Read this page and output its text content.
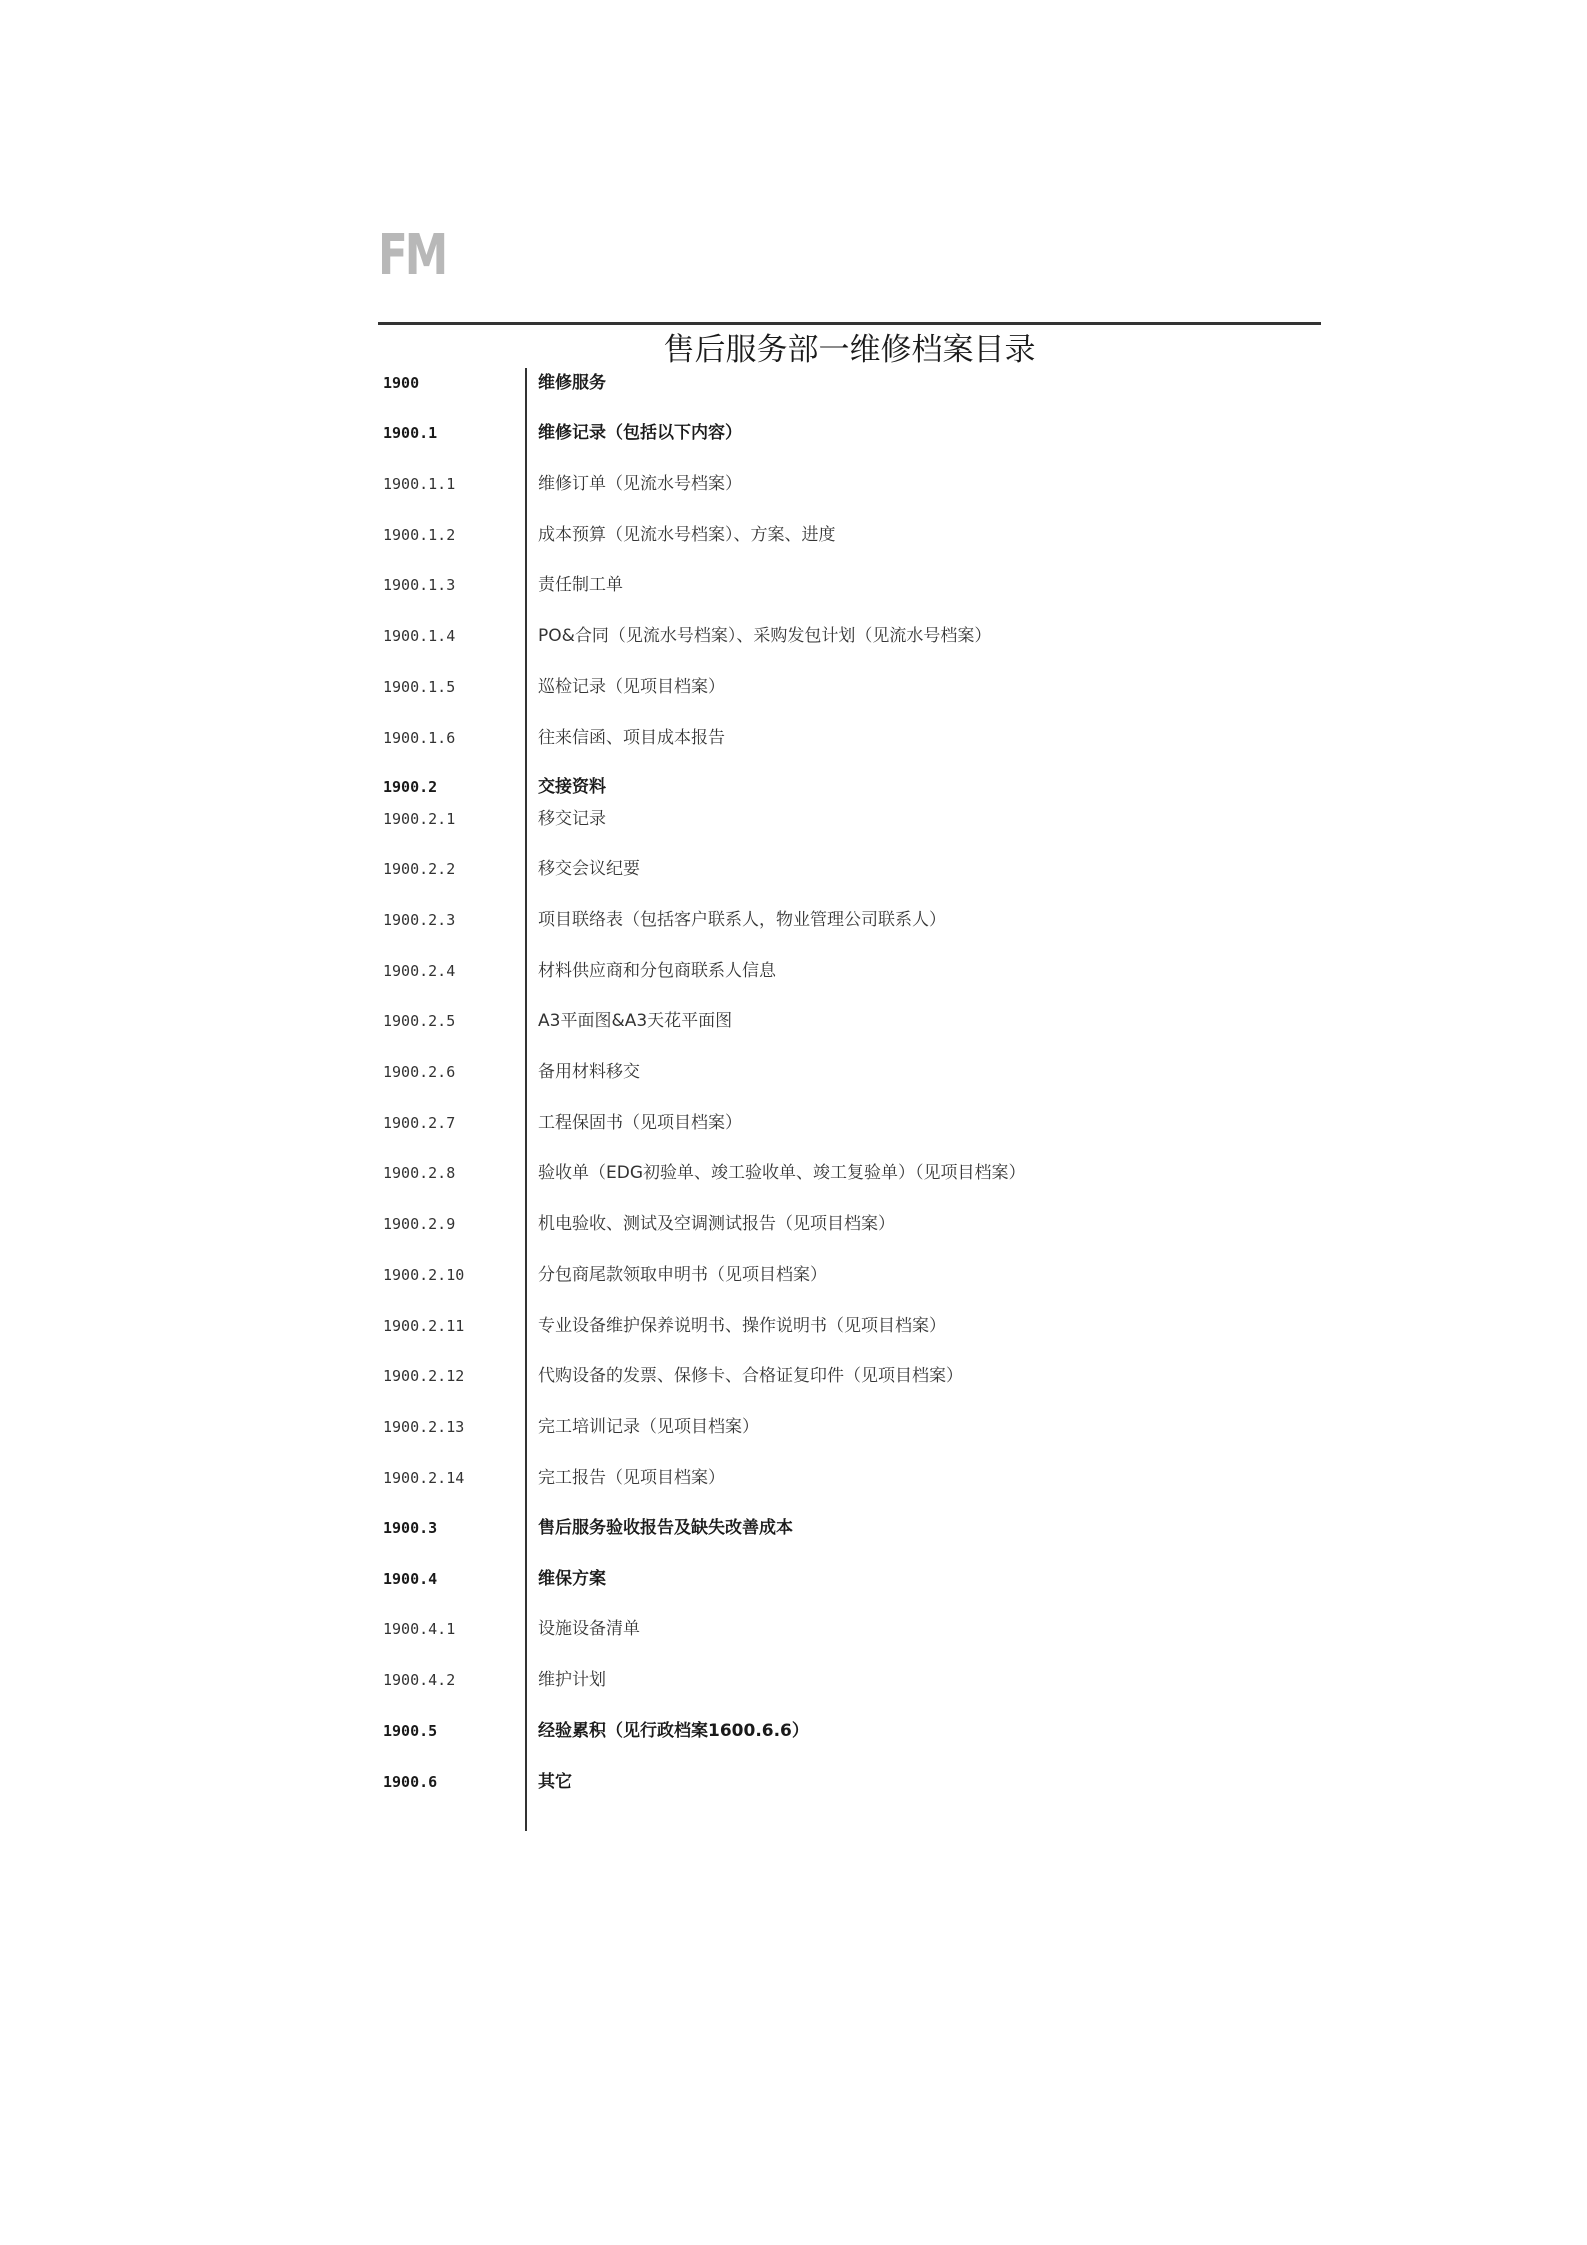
FM
售后服务部一维修档案目录
1900	维修服务
1900.1	维修记录（包括以下内容）
1900.1.1	维修订单（见流水号档案）
1900.1.2	成本预算（见流水号档案）、方案、进度
1900.1.3	责任制工单
1900.1.4	PO&合同（见流水号档案）、采购发包计划（见流水号档案）
1900.1.5	巡检记录（见项目档案）
1900.1.6	往来信函、项目成本报告
1900.2	交接资料
1900.2.1	移交记录
1900.2.2	移交会议纪要
1900.2.3	项目联络表（包括客户联系人，物业管理公司联系人）
1900.2.4	材料供应商和分包商联系人信息
1900.2.5	A3平面图&A3天花平面图
1900.2.6	备用材料移交
1900.2.7	工程保固书（见项目档案）
1900.2.8	验收单（EDG初验单、竣工验收单、竣工复验单）（见项目档案）
1900.2.9	机电验收、测试及空调测试报告（见项目档案）
1900.2.10	分包商尾款领取申明书（见项目档案）
1900.2.11	专业设备维护保养说明书、操作说明书（见项目档案）
1900.2.12	代购设备的发票、保修卡、合格证复印件（见项目档案）
1900.2.13	完工培训记录（见项目档案）
1900.2.14	完工报告（见项目档案）
1900.3	售后服务验收报告及缺失改善成本
1900.4	维保方案
1900.4.1	设施设备清单
1900.4.2	维护计划
1900.5	经验累积（见行政档案1600.6.6）
1900.6	其它
